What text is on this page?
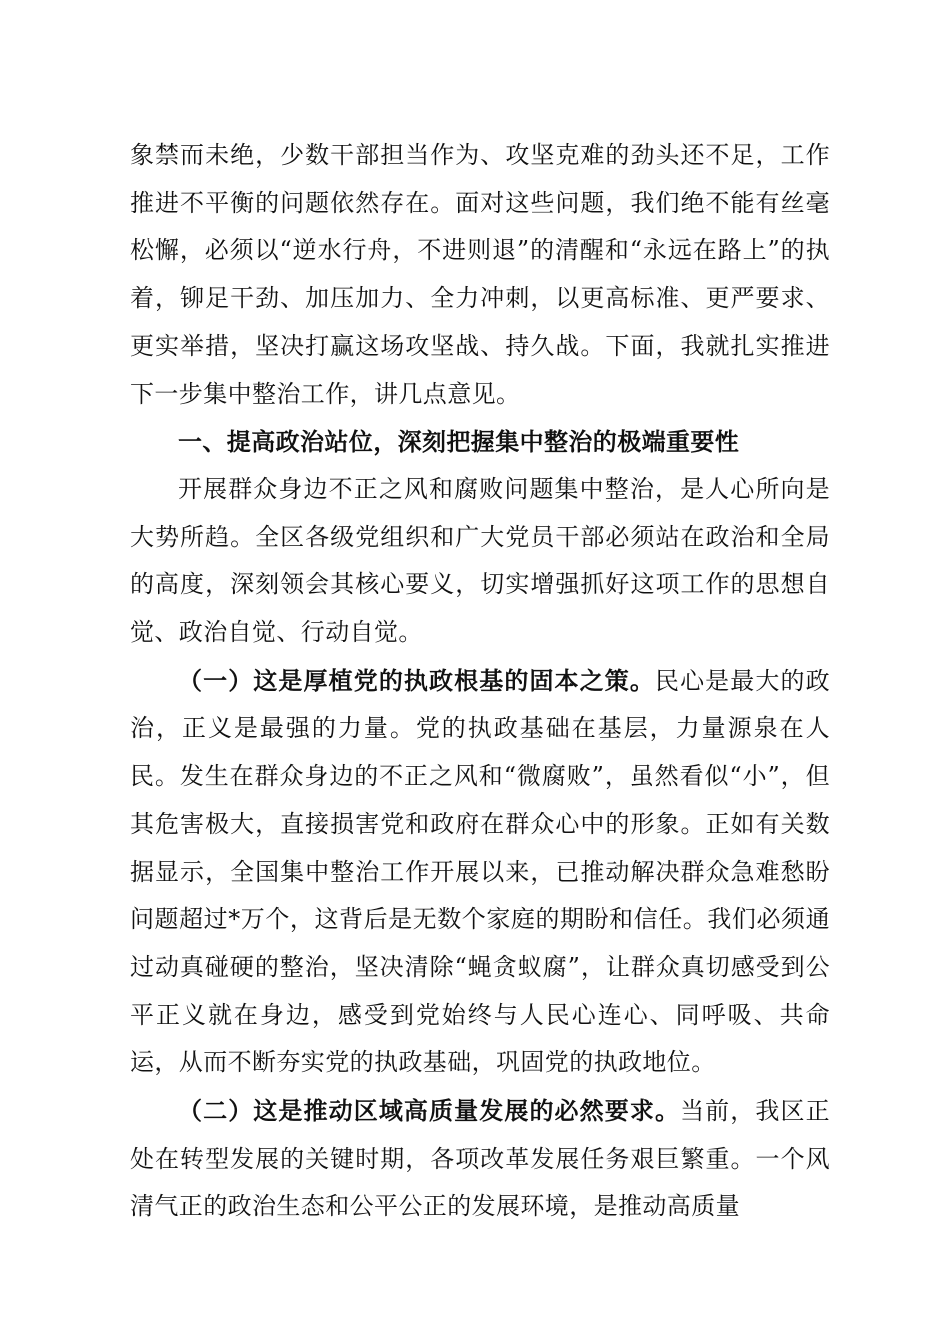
象禁而未绝，少数干部担当作为、攻坚克难的劲头还不足，工作推进不平衡的问题依然存在。面对这些问题，我们绝不能有丝毫松懈，必须以“逆水行舟，不进则退”的清醒和“永远在路上”的执着，铆足干劲、加压加力、全力冲刺，以更高标准、更严要求、更实举措，坚决打赢这场攻坚战、持久战。下面，我就扎实推进下一步集中整治工作，讲几点意见。

一、提高政治站位，深刻把握集中整治的极端重要性

开展群众身边不正之风和腐败问题集中整治，是人心所向是大势所趋。全区各级党组织和广大党员干部必须站在政治和全局的高度，深刻领会其核心要义，切实增强抓好这项工作的思想自觉、政治自觉、行动自觉。

（一）这是厚植党的执政根基的固本之策。民心是最大的政治，正义是最强的力量。党的执政基础在基层，力量源泉在人民。发生在群众身边的不正之风和“微腐败”，虽然看似“小”，但其危害极大，直接损害党和政府在群众心中的形象。正如有关数据显示，全国集中整治工作开展以来，已推动解决群众急难愁盼问题超过*万个，这背后是无数个家庭的期盼和信任。我们必须通过动真碰硬的整治，坚决清除“蝇贪蚁腐”，让群众真切感受到公平正义就在身边，感受到党始终与人民心连心、同呼吸、共命运，从而不断夯实党的执政基础，巩固党的执政地位。

（二）这是推动区域高质量发展的必然要求。当前，我区正处在转型发展的关键时期，各项改革发展任务艰巨繁重。一个风清气正的政治生态和公平公正的发展环境，是推动高质量
